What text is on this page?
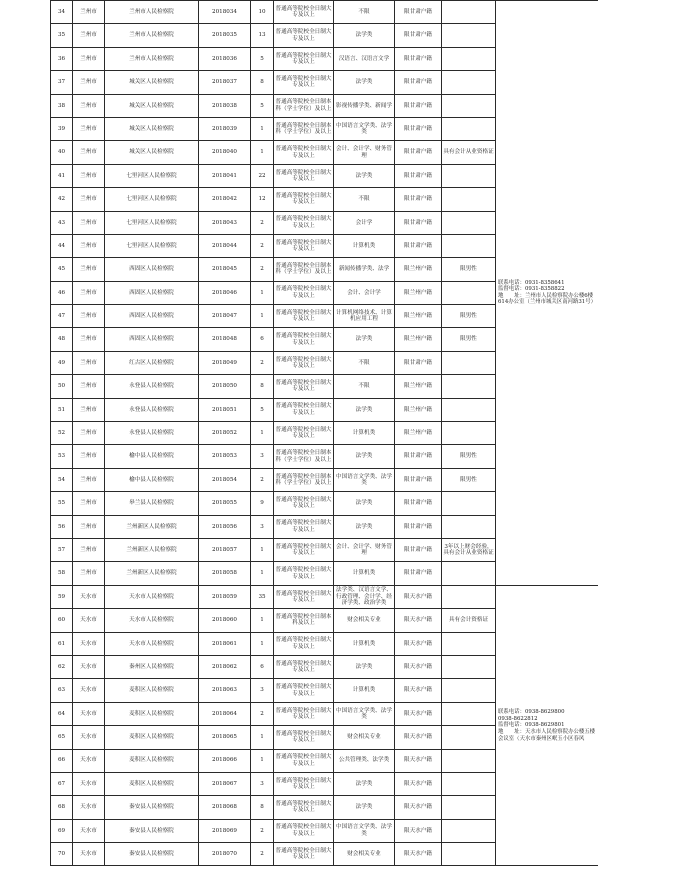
34	兰州市	兰州市人民检察院	2018034	10	普通高等院校全日制大专及以上	不限	限甘肃户籍		联系电话：0931-8358641
监督电话：0931-8358822
地　　址：兰州市人民检察院办公楼6楼614办公室（兰州市城关区南河路31号）
35	兰州市	兰州市人民检察院	2018035	13	普通高等院校全日制大专及以上	法学类	限甘肃户籍		
36	兰州市	兰州市人民检察院	2018036	5	普通高等院校全日制大专及以上	汉语言、汉语言文学	限甘肃户籍		
37	兰州市	城关区人民检察院	2018037	8	普通高等院校全日制大专及以上	法学类	限甘肃户籍		
38	兰州市	城关区人民检察院	2018038	5	普通高等院校全日制本科（学士学位）及以上	影视传播学类、新闻学	限甘肃户籍		
39	兰州市	城关区人民检察院	2018039	1	普通高等院校全日制本科（学士学位）及以上	中国语言文学类、法学类	限甘肃户籍		
40	兰州市	城关区人民检察院	2018040	1	普通高等院校全日制大专及以上	会计、会计学、财务管理	限甘肃户籍	具有会计从业资格证	
41	兰州市	七里河区人民检察院	2018041	22	普通高等院校全日制大专及以上	法学类	限甘肃户籍		
42	兰州市	七里河区人民检察院	2018042	12	普通高等院校全日制大专及以上	不限	限甘肃户籍		
43	兰州市	七里河区人民检察院	2018043	2	普通高等院校全日制大专及以上	会计学	限甘肃户籍		
44	兰州市	七里河区人民检察院	2018044	2	普通高等院校全日制大专及以上	计算机类	限甘肃户籍		
45	兰州市	西固区人民检察院	2018045	2	普通高等院校全日制本科（学士学位）及以上	新闻传播学类、法学	限兰州户籍	限男性	
46	兰州市	西固区人民检察院	2018046	1	普通高等院校全日制大专及以上	会计、会计学	限兰州户籍		
47	兰州市	西固区人民检察院	2018047	1	普通高等院校全日制大专及以上	计算机网络技术、计算机应用工程	限兰州户籍	限男性	
48	兰州市	西固区人民检察院	2018048	6	普通高等院校全日制大专及以上	法学类	限兰州户籍	限男性	
49	兰州市	红古区人民检察院	2018049	2	普通高等院校全日制大专及以上	不限	限甘肃户籍		
50	兰州市	永登县人民检察院	2018050	8	普通高等院校全日制大专及以上	不限	限兰州户籍		
51	兰州市	永登县人民检察院	2018051	5	普通高等院校全日制大专及以上	法学类	限兰州户籍		
52	兰州市	永登县人民检察院	2018052	1	普通高等院校全日制大专及以上	计算机类	限兰州户籍		
53	兰州市	榆中县人民检察院	2018053	3	普通高等院校全日制本科（学士学位）及以上	法学类	限甘肃户籍	限男性	
54	兰州市	榆中县人民检察院	2018054	2	普通高等院校全日制本科（学士学位）及以上	中国语言文学类、法学类	限甘肃户籍	限男性	
55	兰州市	皋兰县人民检察院	2018055	9	普通高等院校全日制大专及以上	法学类	限甘肃户籍		
56	兰州市	兰州新区人民检察院	2018056	3	普通高等院校全日制大专及以上	法学类	限甘肃户籍		
57	兰州市	兰州新区人民检察院	2018057	1	普通高等院校全日制大专及以上	会计、会计学、财务管理	限甘肃户籍	3年以上财会经验，具有会计从业资格证	
58	兰州市	兰州新区人民检察院	2018058	1	普通高等院校全日制大专及以上	计算机类	限甘肃户籍		
59	天水市	天水市人民检察院	2018059	35	普通高等院校全日制大专及以上	法学类、汉语言文学、行政管理、会计学、经济学类、政治学类	限天水户籍		联系电话：0938-8629800
0938-8622812
监督电话：0938-8629801
地　　址：天水市人民检察院办公楼五楼会议室（天水市秦州区岷玉小区春风
60	天水市	天水市人民检察院	2018060	1	普通高等院校全日制本科及以上	财会相关专业	限天水户籍	具有会计资格证	
61	天水市	天水市人民检察院	2018061	1	普通高等院校全日制大专及以上	计算机类	限天水户籍		
62	天水市	秦州区人民检察院	2018062	6	普通高等院校全日制大专及以上	法学类	限天水户籍		
63	天水市	麦积区人民检察院	2018063	3	普通高等院校全日制大专及以上	计算机类	限天水户籍		
64	天水市	麦积区人民检察院	2018064	2	普通高等院校全日制大专及以上	中国语言文学类、法学类	限天水户籍		
65	天水市	麦积区人民检察院	2018065	1	普通高等院校全日制大专及以上	财会相关专业	限天水户籍		
66	天水市	麦积区人民检察院	2018066	1	普通高等院校全日制大专及以上	公共管理类、法学类	限天水户籍		
67	天水市	麦积区人民检察院	2018067	3	普通高等院校全日制大专及以上	法学类	限天水户籍		
68	天水市	秦安县人民检察院	2018068	8	普通高等院校全日制大专及以上	法学类	限天水户籍		
69	天水市	秦安县人民检察院	2018069	2	普通高等院校全日制大专及以上	中国语言文学类、法学类	限天水户籍		
70	天水市	秦安县人民检察院	2018070	2	普通高等院校全日制大专及以上	财会相关专业	限天水户籍		
